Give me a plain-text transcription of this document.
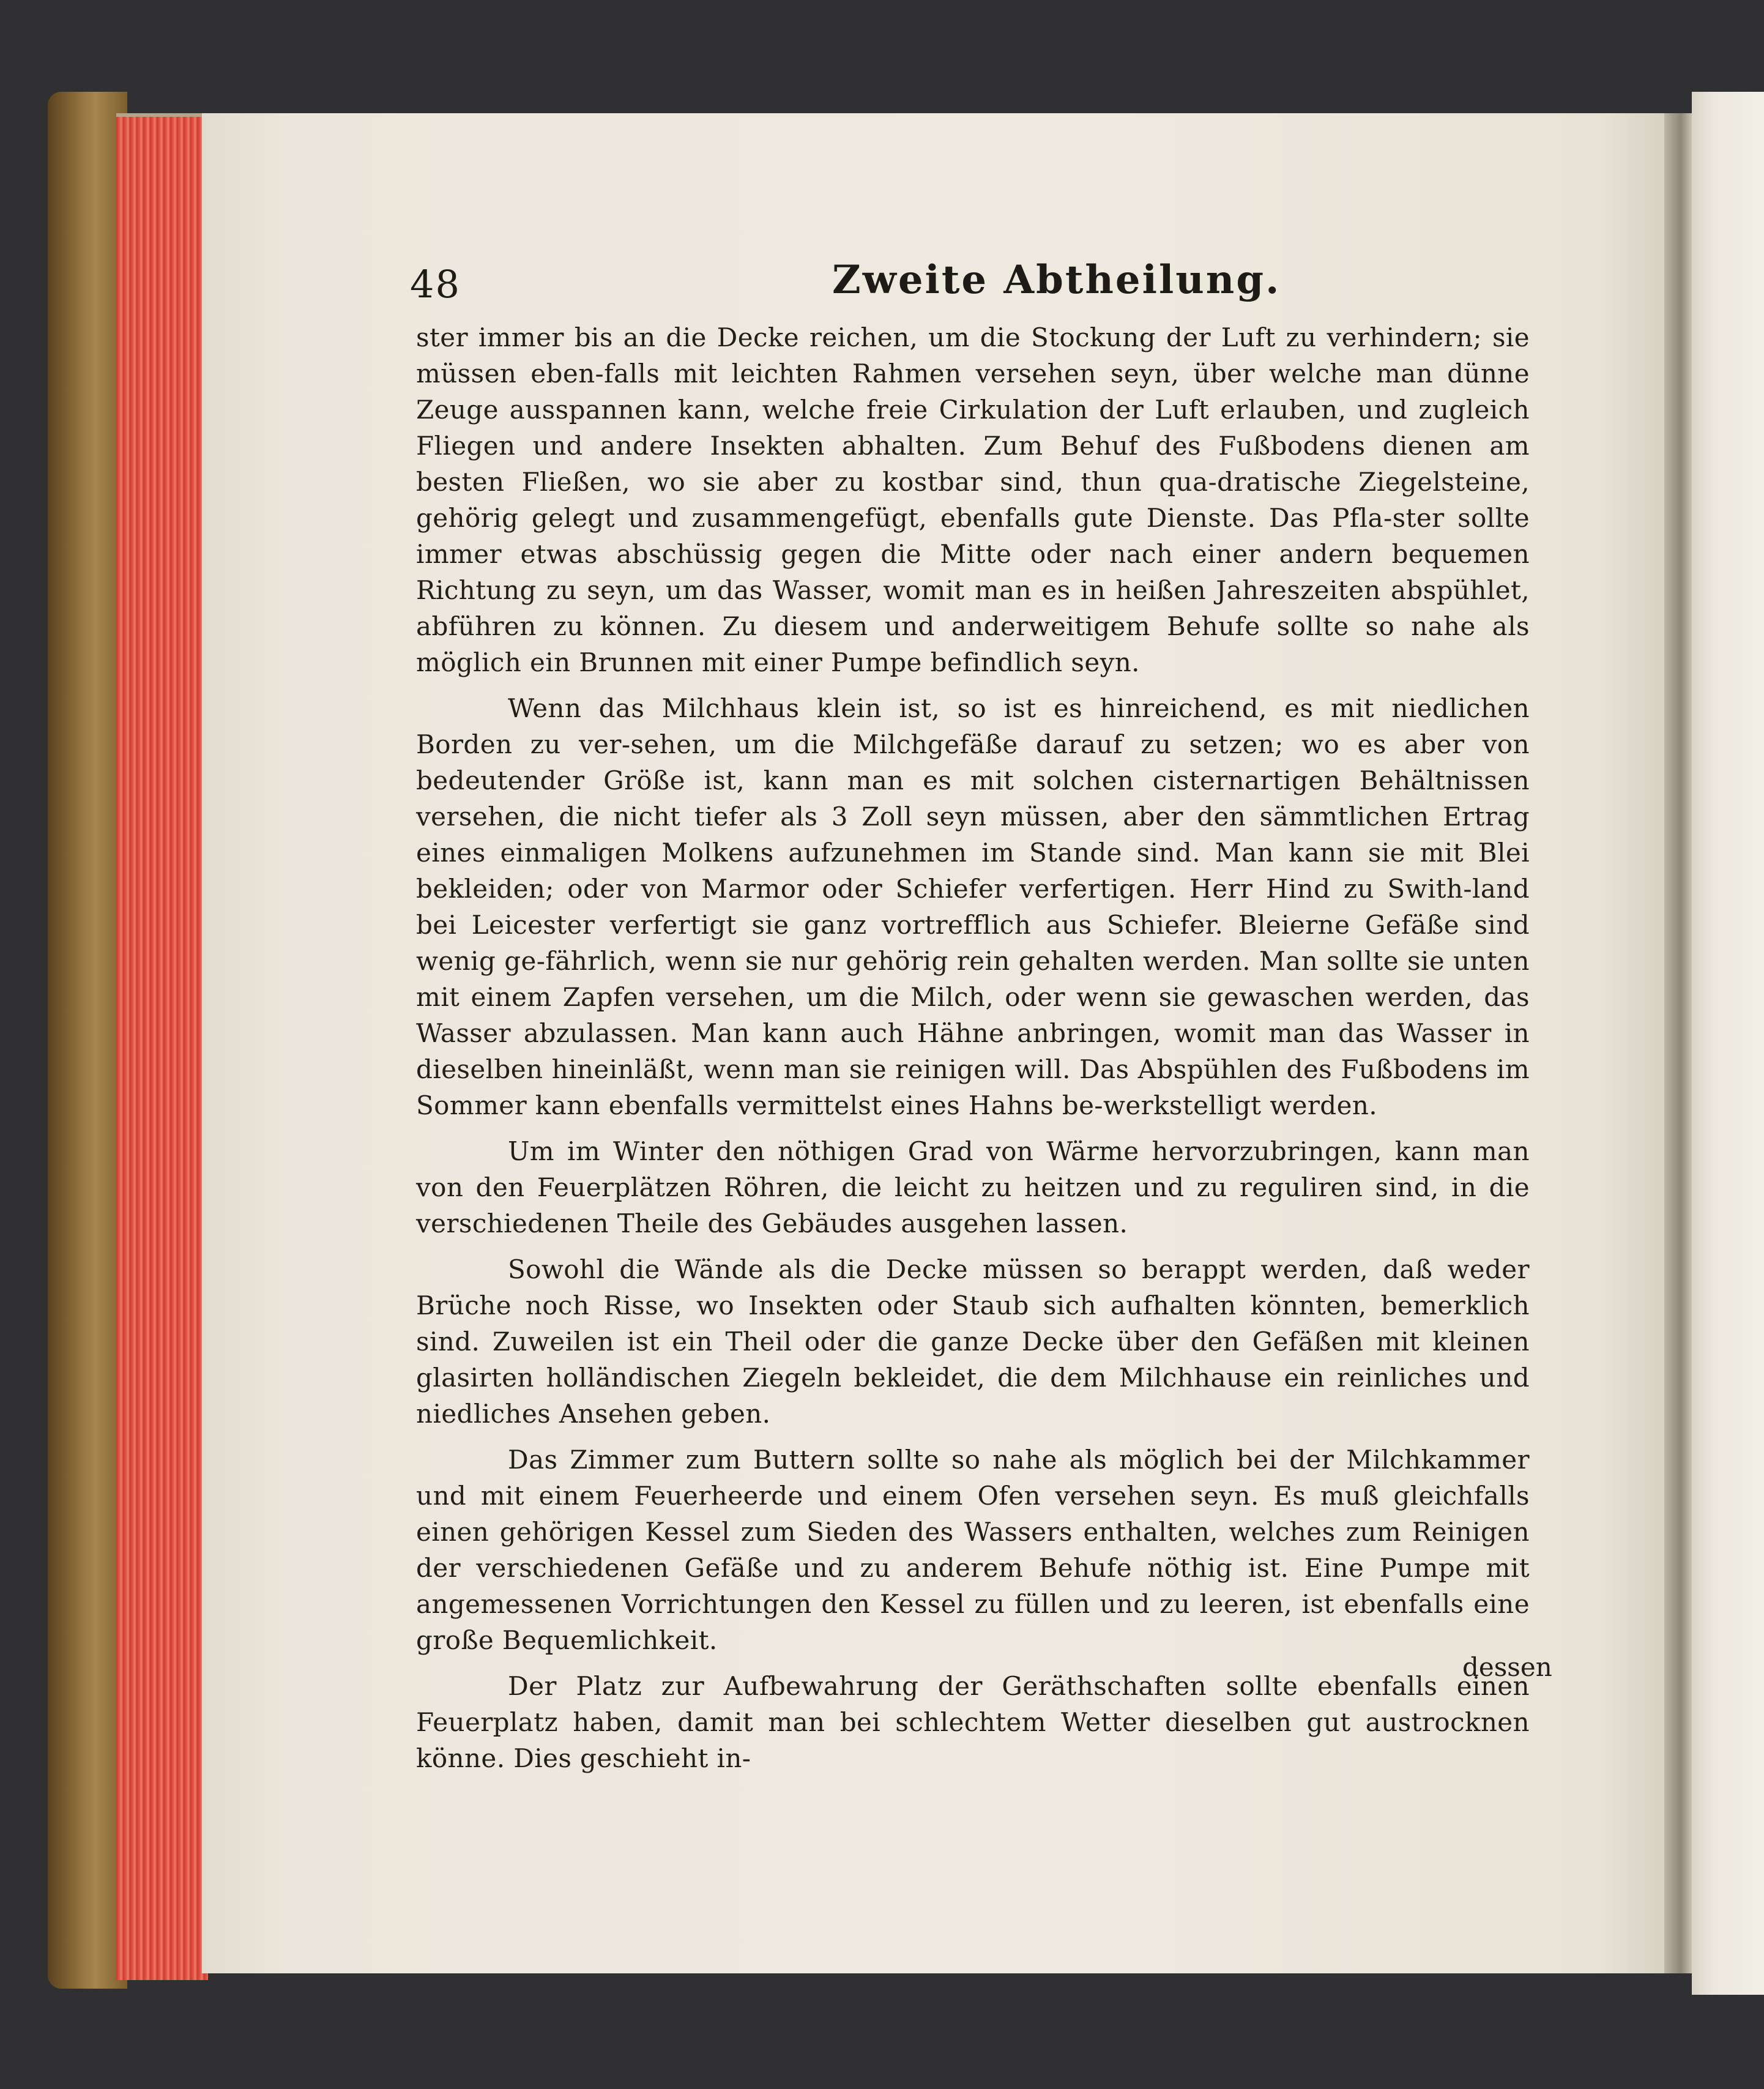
48	Zweite Abtheilung.

ster immer bis an die Decke reichen, um die Stockung der Luft zu verhindern; sie müssen eben-falls mit leichten Rahmen versehen seyn, über welche man dünne Zeuge ausspannen kann, welche freie Cirkulation der Luft erlauben, und zugleich Fliegen und andere Insekten abhalten. Zum Behuf des Fußbodens dienen am besten Fließen, wo sie aber zu kostbar sind, thun qua-dratische Ziegelsteine, gehörig gelegt und zusammengefügt, ebenfalls gute Dienste. Das Pfla-ster sollte immer etwas abschüssig gegen die Mitte oder nach einer andern bequemen Richtung zu seyn, um das Wasser, womit man es in heißen Jahreszeiten abspühlet, abführen zu können. Zu diesem und anderweitigem Behufe sollte so nahe als möglich ein Brunnen mit einer Pumpe befindlich seyn.

Wenn das Milchhaus klein ist, so ist es hinreichend, es mit niedlichen Borden zu ver-sehen, um die Milchgefäße darauf zu setzen; wo es aber von bedeutender Größe ist, kann man es mit solchen cisternartigen Behältnissen versehen, die nicht tiefer als 3 Zoll seyn müssen, aber den sämmtlichen Ertrag eines einmaligen Molkens aufzunehmen im Stande sind. Man kann sie mit Blei bekleiden; oder von Marmor oder Schiefer verfertigen. Herr Hind zu Swith-land bei Leicester verfertigt sie ganz vortrefflich aus Schiefer. Bleierne Gefäße sind wenig ge-fährlich, wenn sie nur gehörig rein gehalten werden. Man sollte sie unten mit einem Zapfen versehen, um die Milch, oder wenn sie gewaschen werden, das Wasser abzulassen. Man kann auch Hähne anbringen, womit man das Wasser in dieselben hineinläßt, wenn man sie reinigen will. Das Abspühlen des Fußbodens im Sommer kann ebenfalls vermittelst eines Hahns be-werkstelligt werden.

Um im Winter den nöthigen Grad von Wärme hervorzubringen, kann man von den Feuerplätzen Röhren, die leicht zu heitzen und zu reguliren sind, in die verschiedenen Theile des Gebäudes ausgehen lassen.

Sowohl die Wände als die Decke müssen so berappt werden, daß weder Brüche noch Risse, wo Insekten oder Staub sich aufhalten könnten, bemerklich sind. Zuweilen ist ein Theil oder die ganze Decke über den Gefäßen mit kleinen glasirten holländischen Ziegeln bekleidet, die dem Milchhause ein reinliches und niedliches Ansehen geben.

Das Zimmer zum Buttern sollte so nahe als möglich bei der Milchkammer und mit einem Feuerheerde und einem Ofen versehen seyn. Es muß gleichfalls einen gehörigen Kessel zum Sieden des Wassers enthalten, welches zum Reinigen der verschiedenen Gefäße und zu anderem Behufe nöthig ist. Eine Pumpe mit angemessenen Vorrichtungen den Kessel zu füllen und zu leeren, ist ebenfalls eine große Bequemlichkeit.

Der Platz zur Aufbewahrung der Geräthschaften sollte ebenfalls einen Feuerplatz haben, damit man bei schlechtem Wetter dieselben gut austrocknen könne. Dies geschieht in-

dessen
